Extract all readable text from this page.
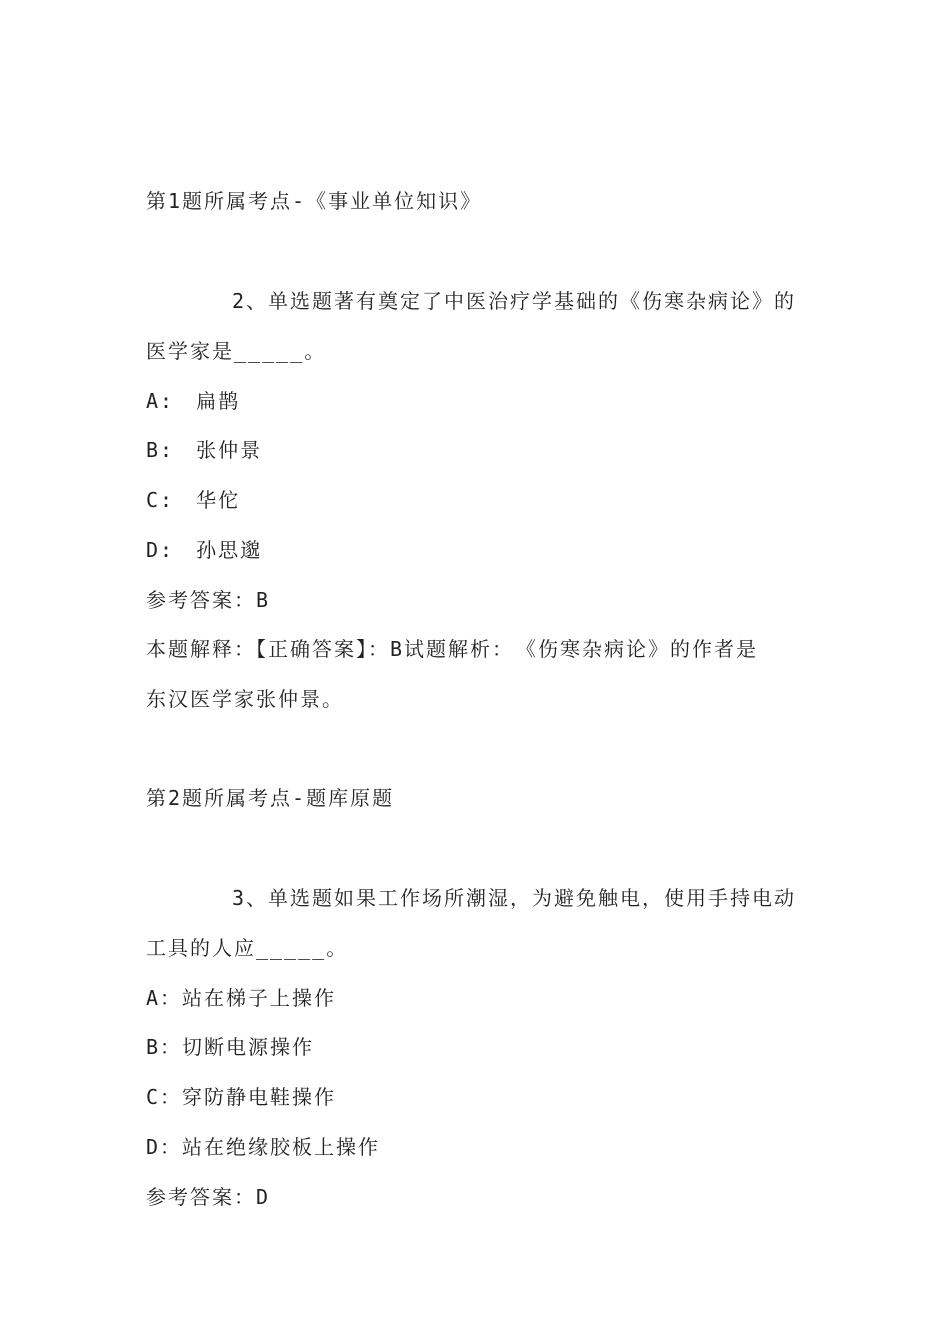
第1题所属考点-《事业单位知识》
2、单选题著有奠定了中医治疗学基础的《伤寒杂病论》的
医学家是_____。
A:　扁鹊
B:　张仲景
C:　华佗
D:　孙思邈
参考答案：B
本题解释：【正确答案】：B试题解析：　《伤寒杂病论》的作者是
东汉医学家张仲景。
第2题所属考点-题库原题
3、单选题如果工作场所潮湿，为避免触电，使用手持电动
工具的人应_____。
A：站在梯子上操作
B：切断电源操作
C：穿防静电鞋操作
D：站在绝缘胶板上操作
参考答案：D
